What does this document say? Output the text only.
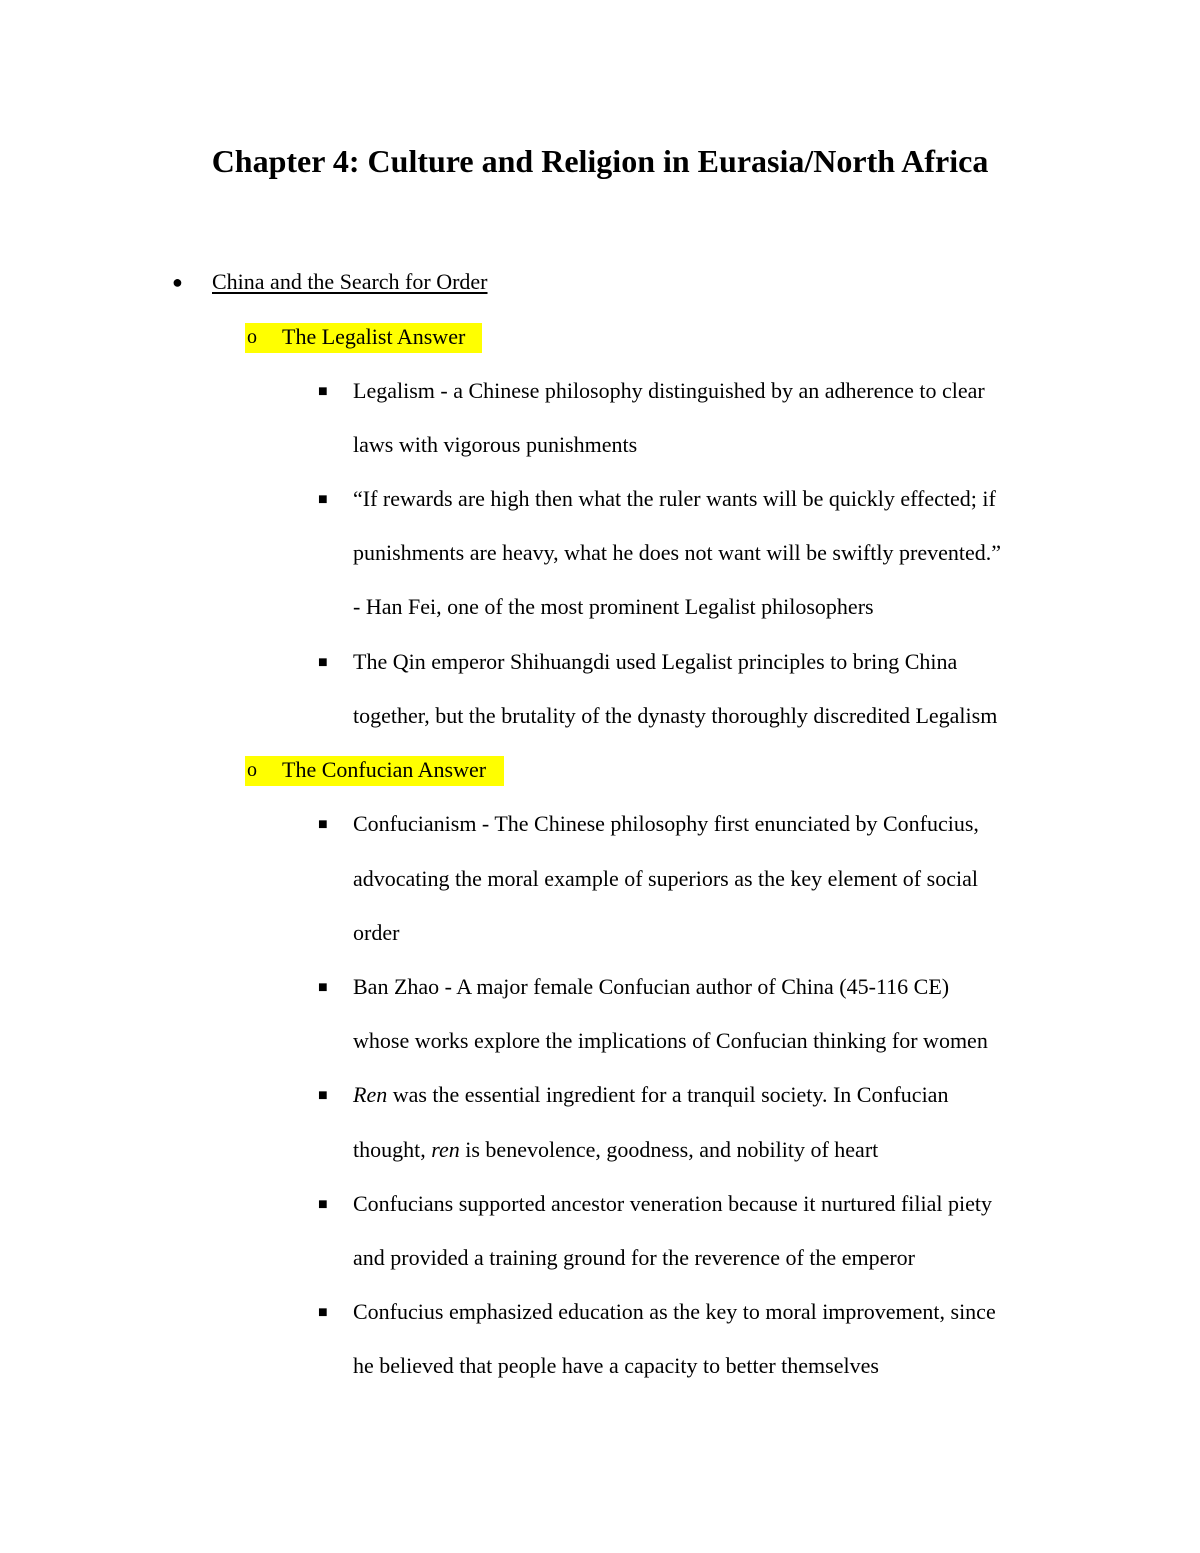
Chapter 4: Culture and Religion in Eurasia/North Africa
● China and the Search for Order
o The Legalist Answer
■ Legalism - a Chinese philosophy distinguished by an adherence to clear
laws with vigorous punishments
■ “If rewards are high then what the ruler wants will be quickly effected; if
punishments are heavy, what he does not want will be swiftly prevented.”
- Han Fei, one of the most prominent Legalist philosophers
■ The Qin emperor Shihuangdi used Legalist principles to bring China
together, but the brutality of the dynasty thoroughly discredited Legalism
o The Confucian Answer
■ Confucianism - The Chinese philosophy first enunciated by Confucius,
advocating the moral example of superiors as the key element of social
order
■ Ban Zhao - A major female Confucian author of China (45-116 CE)
whose works explore the implications of Confucian thinking for women
■ Ren was the essential ingredient for a tranquil society. In Confucian
thought, ren is benevolence, goodness, and nobility of heart
■ Confucians supported ancestor veneration because it nurtured filial piety
and provided a training ground for the reverence of the emperor
■ Confucius emphasized education as the key to moral improvement, since
he believed that people have a capacity to better themselves
